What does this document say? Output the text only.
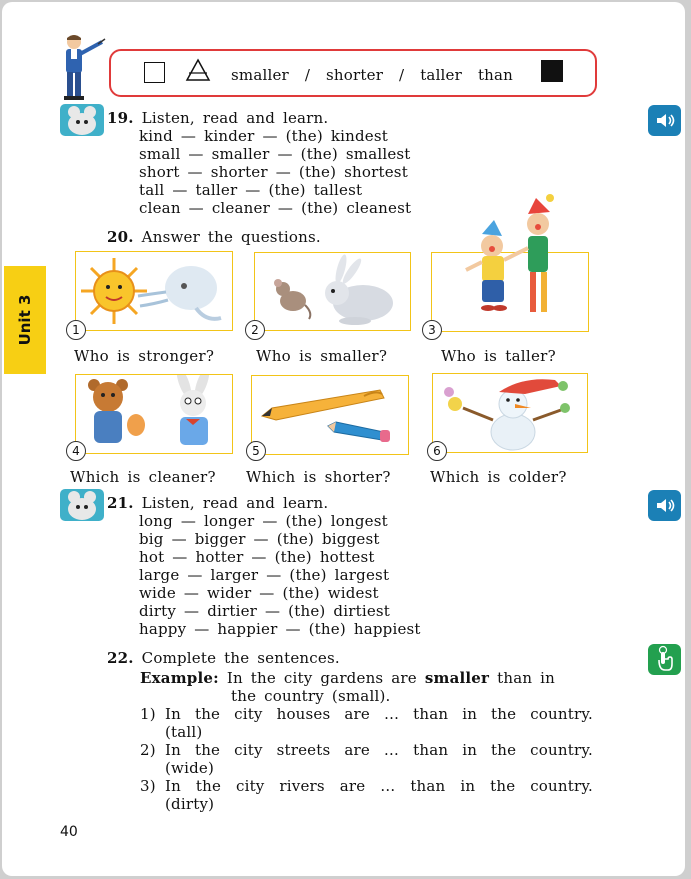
smaller  /  shorter  /  taller  than
Unit 3
19. Listen, read and learn.
kind — kinder — (the) kindest
small — smaller — (the) smallest
short — shorter — (the) shortest
tall — taller — (the) tallest
clean — cleaner — (the) cleanest
20. Answer the questions.
1
Who is stronger?
2
Who is smaller?
3
Who is taller?
4
Which is cleaner?
5
Which is shorter?
6
Which is colder?
21. Listen, read and learn.
long — longer — (the) longest
big — bigger — (the) biggest
hot — hotter — (the) hottest
large — larger — (the) largest
wide — wider — (the) widest
dirty — dirtier — (the) dirtiest
happy — happier — (the) happiest
22. Complete the sentences.
Example: In the city gardens are smaller than in
the country (small).
1) In the city houses are … than in the country.
(tall)
2) In the city streets are … than in the country.
(wide)
3) In the city rivers are … than in the country.
(dirty)
40
